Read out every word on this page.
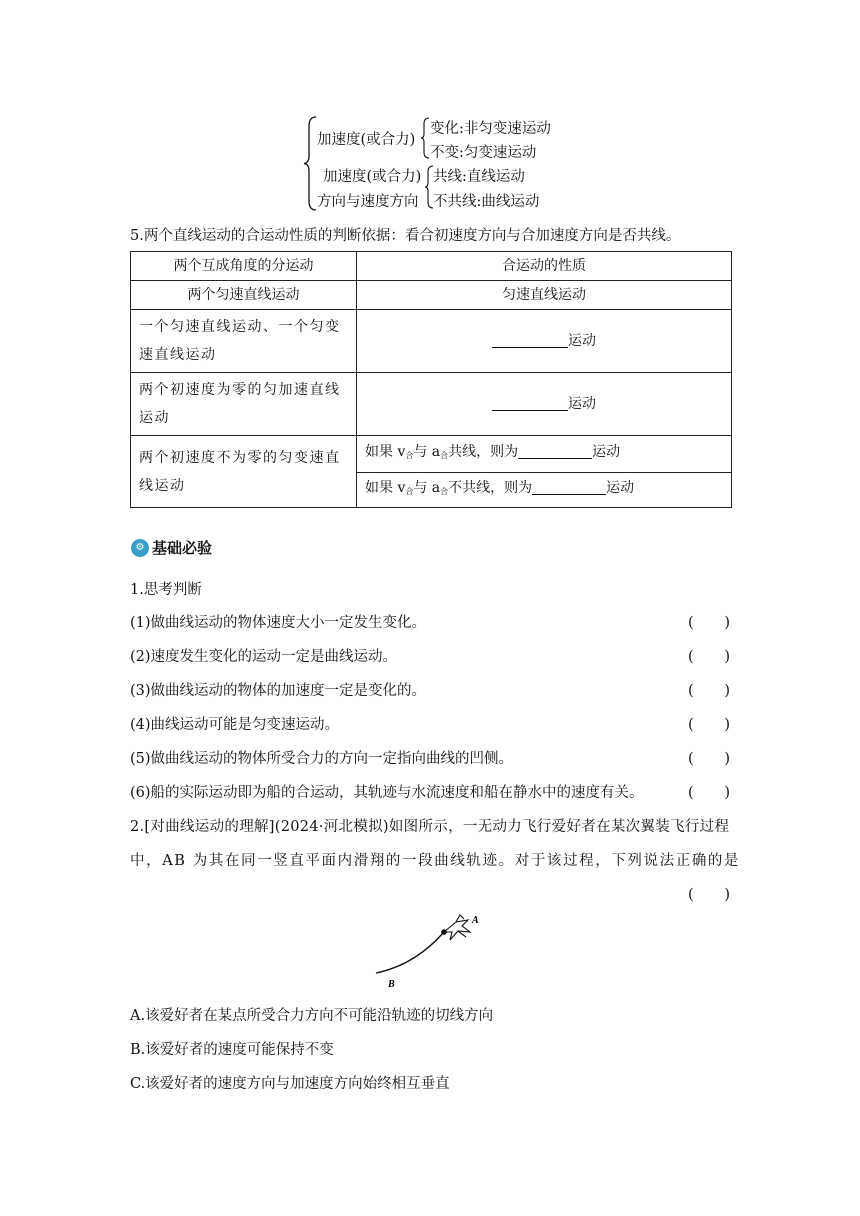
加速度(或合力)
变化:非匀变速运动
不变:匀变速运动
加速度(或合力)
方向与速度方向
共线:直线运动
不共线:曲线运动
5.两个直线运动的合运动性质的判断依据：看合初速度方向与合加速度方向是否共线。
两个互成角度的分运动	合运动的性质
两个匀速直线运动	匀速直线运动
一个匀速直线运动、一个匀变速直线运动	运动
两个初速度为零的匀加速直线运动	运动
两个初速度不为零的匀变速直线运动	如果 $v_合$与 $a_合$共线，则为 运动
	如果 $v_合$与 $a_合$不共线，则为 运动
⚙ 基础必验
1.思考判断
(1)做曲线运动的物体速度大小一定发生变化。	( )
(2)速度发生变化的运动一定是曲线运动。	( )
(3)做曲线运动的物体的加速度一定是变化的。	( )
(4)曲线运动可能是匀变速运动。	( )
(5)做曲线运动的物体所受合力的方向一定指向曲线的凹侧。	( )
(6)船的实际运动即为船的合运动，其轨迹与水流速度和船在静水中的速度有关。	( )
2.[对曲线运动的理解](2024·河北模拟)如图所示，一无动力飞行爱好者在某次翼装飞行过程
中，AB 为其在同一竖直平面内滑翔的一段曲线轨迹。对于该过程，下列说法正确的是
( )
A
B
A.该爱好者在某点所受合力方向不可能沿轨迹的切线方向
B.该爱好者的速度可能保持不变
C.该爱好者的速度方向与加速度方向始终相互垂直
